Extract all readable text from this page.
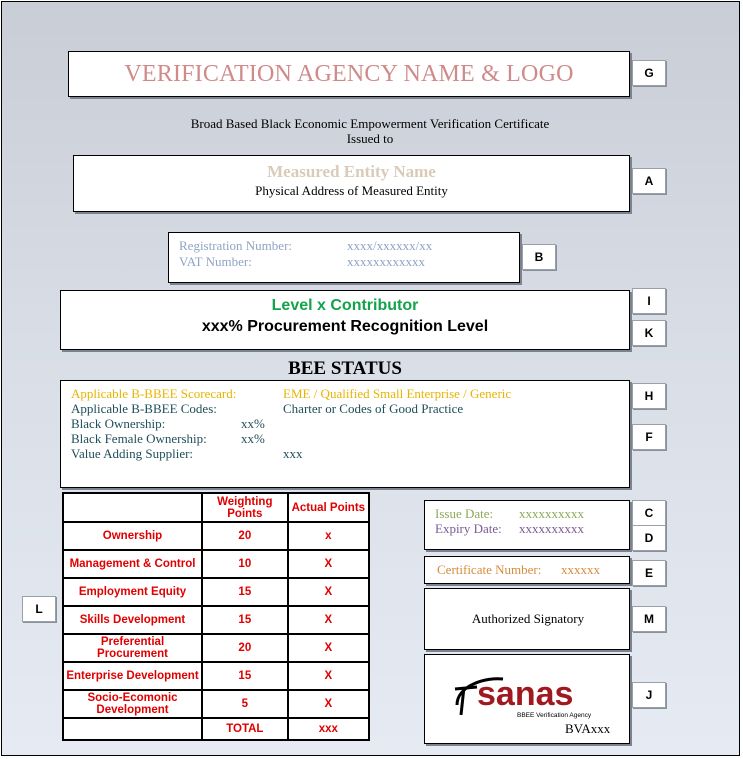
VERIFICATION AGENCY NAME & LOGO	G
Broad Based Black Economic Empowerment Verification Certificate
Issued to
Measured Entity Name
Physical Address of Measured Entity
A
Registration Number:	xxxx/xxxxxx/xx
VAT Number:	xxxxxxxxxxxx	B
Level x Contributor
xxx% Procurement Recognition Level
I
K
BEE STATUS
Applicable B-BBEE Scorecard:	EME / Qualified Small Enterprise / Generic
Applicable B-BBEE Codes:	Charter or Codes of Good Practice
Black Ownership:	xx%
Black Female Ownership:	xx%
Value Adding Supplier:	xxx
H
F
	Weighting Points	Actual Points
Ownership	20	x
Management & Control	10	X
Employment Equity	15	X
Skills Development	15	X
Preferential Procurement	20	X
Enterprise Development	15	X
Socio-Ecomonic Development	5	X
	TOTAL	xxx
L
Issue Date: xxxxxxxxxx
Expiry Date: xxxxxxxxxx
C
D
Certificate Number: xxxxxx	E
Authorized Signatory	M
sanas
BBEE Verification Agency
BVAxxx
J
